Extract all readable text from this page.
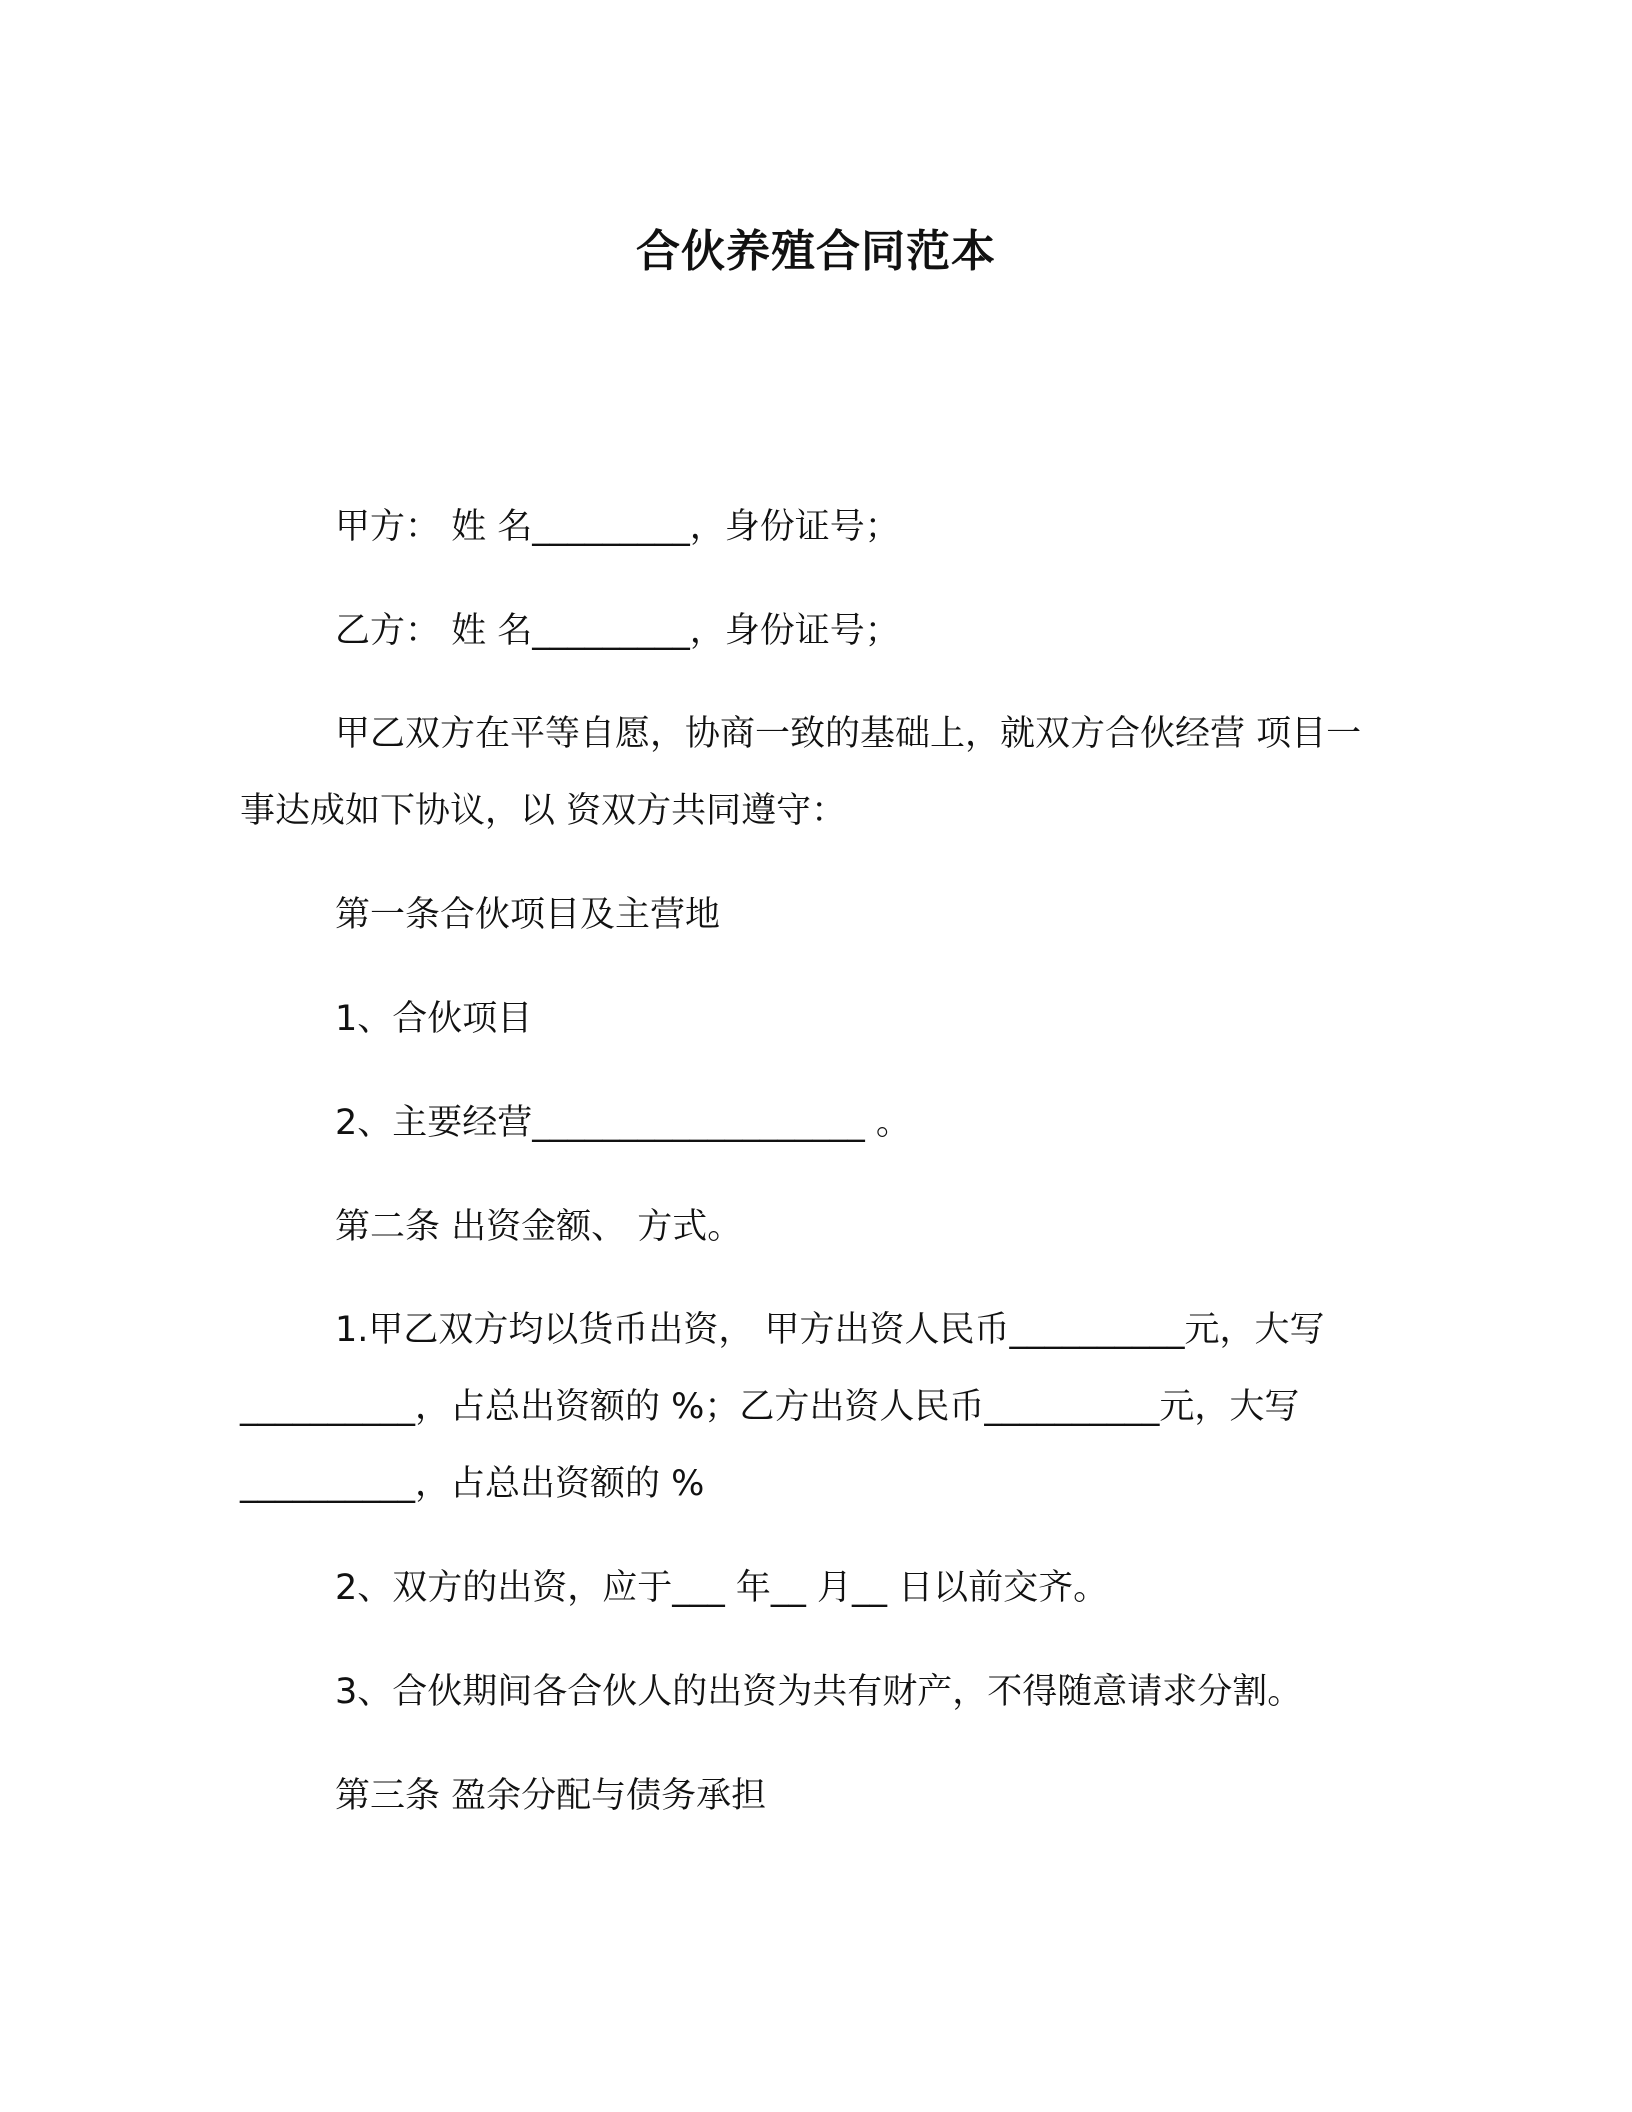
合伙养殖合同范本

甲方： 姓 名_________，身份证号；

乙方： 姓 名_________，身份证号；

甲乙双方在平等自愿，协商一致的基础上，就双方合伙经营 项目一事达成如下协议，以 资双方共同遵守：

第一条合伙项目及主营地

1、合伙项目

2、主要经营___________________ 。

第二条 出资金额、 方式。

1.甲乙双方均以货币出资， 甲方出资人民币__________元，大写__________，占总出资额的 %；乙方出资人民币__________元，大写__________，占总出资额的 %

2、双方的出资，应于___ 年__ 月__ 日以前交齐。

3、合伙期间各合伙人的出资为共有财产，不得随意请求分割。

第三条 盈余分配与债务承担
